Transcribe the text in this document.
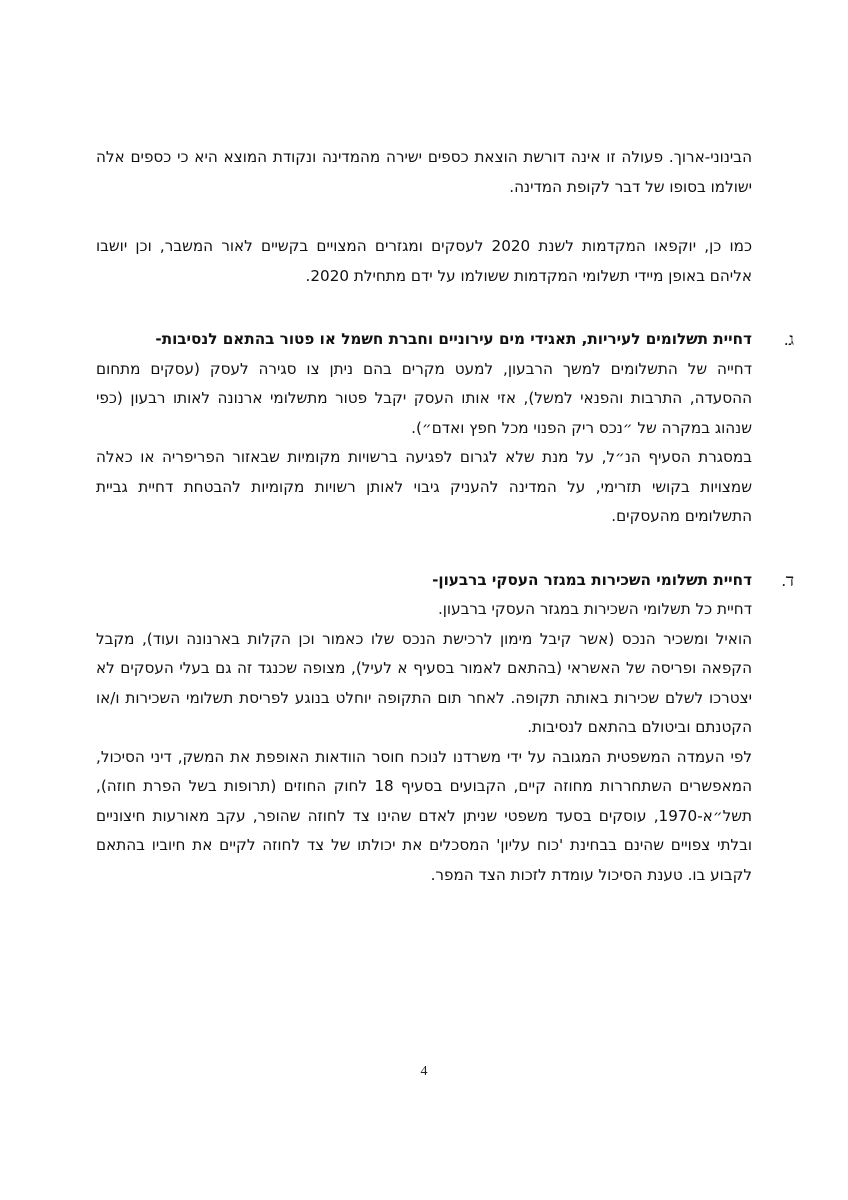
הבינוני-ארוך. פעולה זו אינה דורשת הוצאת כספים ישירה מהמדינה ונקודת המוצא היא כי כספים אלה ישולמו בסופו של דבר לקופת המדינה.

כמו כן, יוקפאו המקדמות לשנת 2020 לעסקים ומגזרים המצויים בקשיים לאור המשבר, וכן יושבו אליהם באופן מיידי תשלומי המקדמות ששולמו על ידם מתחילת 2020.

ג.

דחיית תשלומים לעיריות, תאגידי מים עירוניים וחברת חשמל או פטור בהתאם לנסיבות-

דחייה של התשלומים למשך הרבעון, למעט מקרים בהם ניתן צו סגירה לעסק (עסקים מתחום ההסעדה, התרבות והפנאי למשל), אזי אותו העסק יקבל פטור מתשלומי ארנונה לאותו רבעון (כפי שנהוג במקרה של ״נכס ריק הפנוי מכל חפץ ואדם״).

במסגרת הסעיף הנ״ל, על מנת שלא לגרום לפגיעה ברשויות מקומיות שבאזור הפריפריה או כאלה שמצויות בקושי תזרימי, על המדינה להעניק גיבוי לאותן רשויות מקומיות להבטחת דחיית גביית התשלומים מהעסקים.

ד.

דחיית תשלומי השכירות במגזר העסקי ברבעון-

דחיית כל תשלומי השכירות במגזר העסקי ברבעון.

הואיל ומשכיר הנכס (אשר קיבל מימון לרכישת הנכס שלו כאמור וכן הקלות בארנונה ועוד), מקבל הקפאה ופריסה של האשראי (בהתאם לאמור בסעיף א לעיל), מצופה שכנגד זה גם בעלי העסקים לא יצטרכו לשלם שכירות באותה תקופה. לאחר תום התקופה יוחלט בנוגע לפריסת תשלומי השכירות ו/או הקטנתם וביטולם בהתאם לנסיבות.

לפי העמדה המשפטית המגובה על ידי משרדנו לנוכח חוסר הוודאות האופפת את המשק, דיני הסיכול, המאפשרים השתחררות מחוזה קיים, הקבועים בסעיף 18 לחוק החוזים (תרופות בשל הפרת חוזה), תשל״א-1970, עוסקים בסעד משפטי שניתן לאדם שהינו צד לחוזה שהופר, עקב מאורעות חיצוניים ובלתי צפויים שהינם בבחינת 'כוח עליון' המסכלים את יכולתו של צד לחוזה לקיים את חיוביו בהתאם לקבוע בו. טענת הסיכול עומדת לזכות הצד המפר.

4
